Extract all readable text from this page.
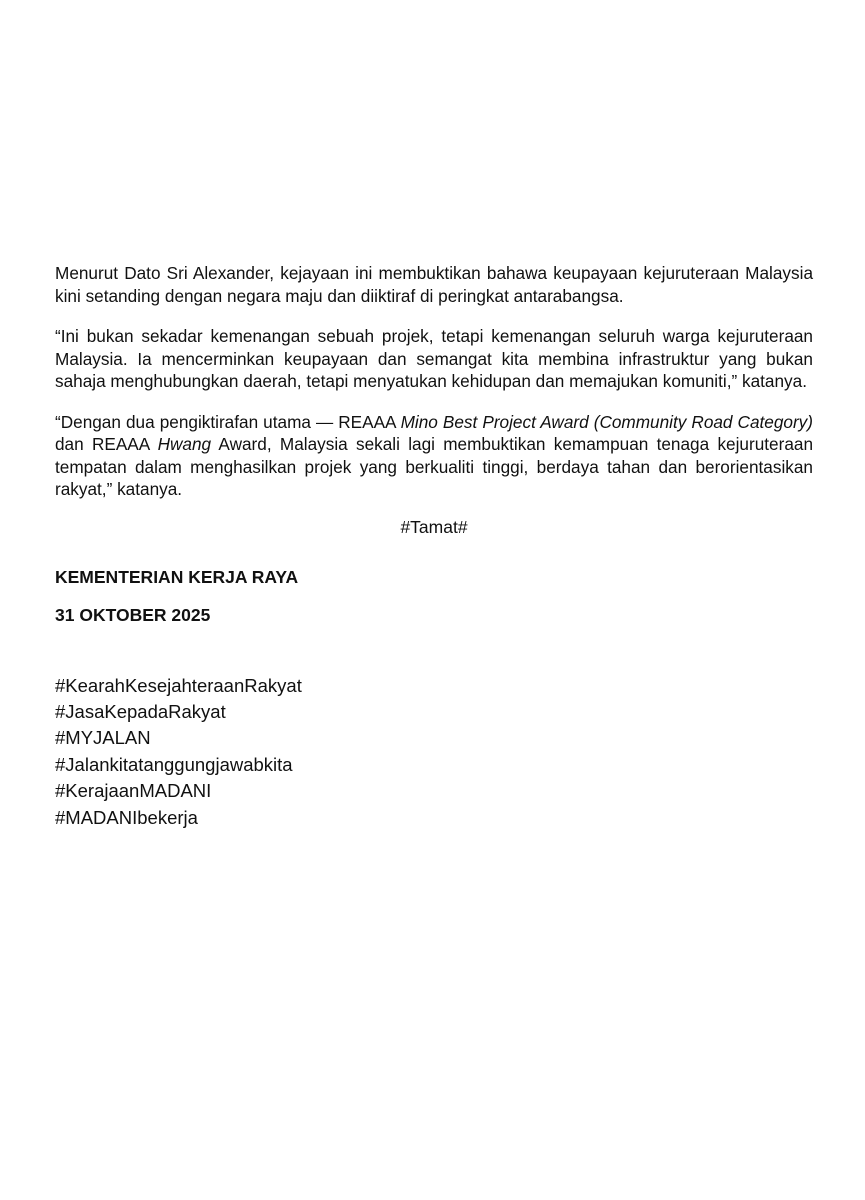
Menurut Dato Sri Alexander, kejayaan ini membuktikan bahawa keupayaan kejuruteraan Malaysia kini setanding dengan negara maju dan diiktiraf di peringkat antarabangsa.

“Ini bukan sekadar kemenangan sebuah projek, tetapi kemenangan seluruh warga kejuruteraan Malaysia. Ia mencerminkan keupayaan dan semangat kita membina infrastruktur yang bukan sahaja menghubungkan daerah, tetapi menyatukan kehidupan dan memajukan komuniti,” katanya.

“Dengan dua pengiktirafan utama — REAAA Mino Best Project Award (Community Road Category) dan REAAA Hwang Award, Malaysia sekali lagi membuktikan kemampuan tenaga kejuruteraan tempatan dalam menghasilkan projek yang berkualiti tinggi, berdaya tahan dan berorientasikan rakyat,” katanya.

#Tamat#
KEMENTERIAN KERJA RAYA
31 OKTOBER 2025

#KearahKesejahteraanRakyat

#JasaKepadaRakyat

#MYJALAN

#Jalankitatanggungjawabkita

#KerajaanMADANI

#MADANIbekerja
